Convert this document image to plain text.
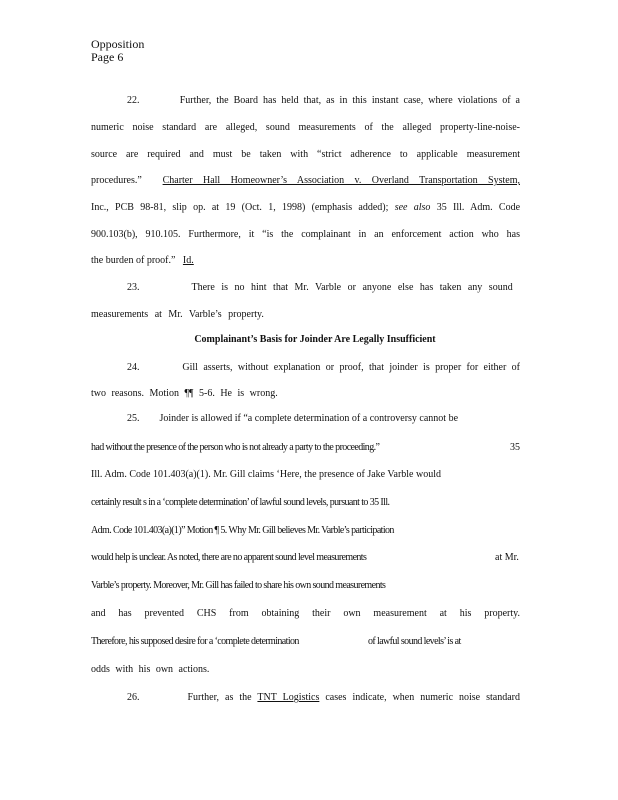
Opposition
Page 6
22.	Further, the Board has held that, as in this instant case, where violations of a
numeric noise standard are alleged, sound measurements of the alleged property-line-noise-
source are required and must be taken with “strict adherence to applicable measurement
procedures.” Charter Hall Homeowner’s Association v. Overland Transportation System,
Inc., PCB 98-81, slip op. at 19 (Oct. 1, 1998) (emphasis added); see also 35 Ill. Adm. Code
900.103(b), 910.105. Furthermore, it “is the complainant in an enforcement action who has
the burden of proof.” Id.
23.	There is no hint that Mr. Varble or anyone else has taken any sound
measurements at Mr. Varble’s property.
Complainant’s Basis for Joinder Are Legally Insufficient
24.	Gill asserts, without explanation or proof, that joinder is proper for either of
two reasons. Motion ¶¶ 5-6. He is wrong.
25. Joinder is allowed if “a complete determination of a controversy cannot be
had without the presence of the person who is not already a party to the proceeding.”	35
Ill. Adm. Code 101.403(a)(1). Mr. Gill claims ‘Here, the presence of Jake Varble would
certainly result s in a ‘complete determination’ of lawful sound levels, pursuant to 35 Ill.
Adm. Code 101.403(a)(1)” Motion ¶ 5. Why Mr. Gill believes Mr. Varble’s participation
would help is unclear. As noted, there are no apparent sound level measurements	at Mr.
Varble’s property. Moreover, Mr. Gill has failed to share his own sound measurements
and has prevented CHS from obtaining their own measurement at his property.
Therefore, his supposed desire for a ‘complete determination	of lawful sound levels’ is at
odds with his own actions.
26.	Further, as the TNT Logistics cases indicate, when numeric noise standard
